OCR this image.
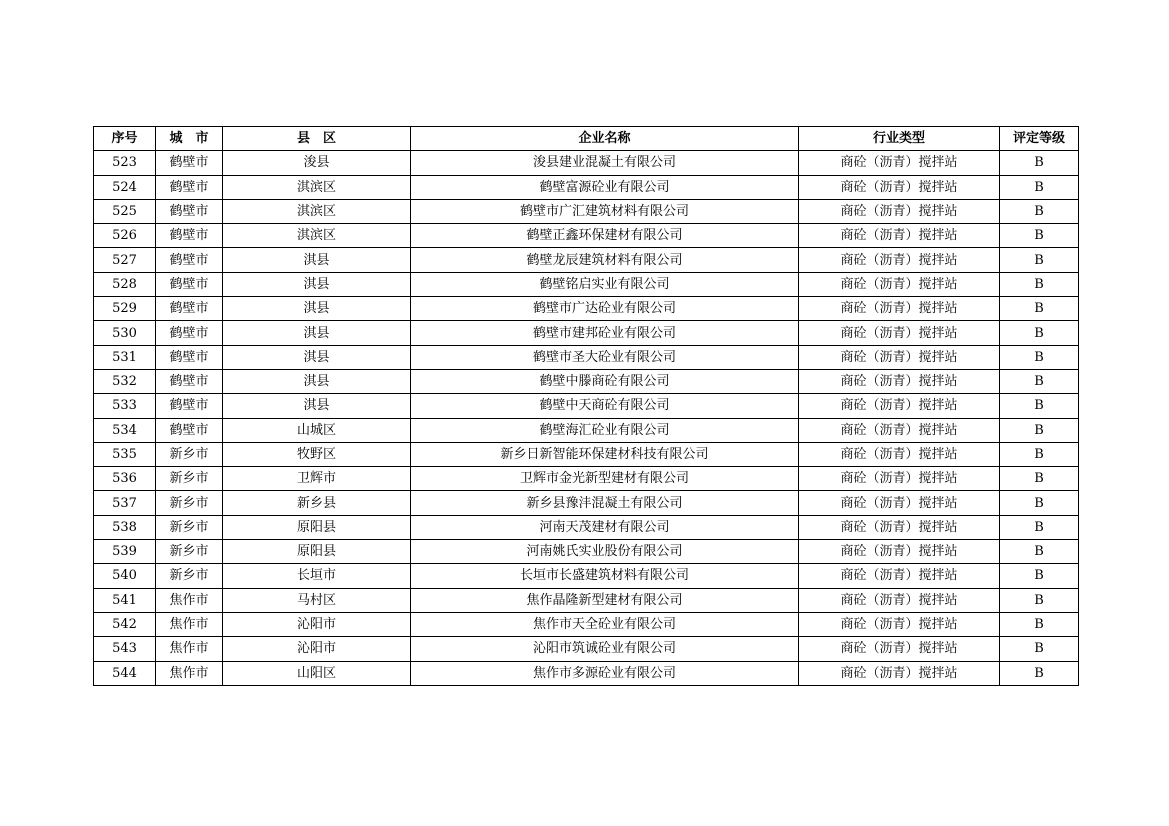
序号	城　市	县　区	企业名称	行业类型	评定等级
523	鹤壁市	浚县	浚县建业混凝土有限公司	商砼（沥青）搅拌站	B
524	鹤壁市	淇滨区	鹤壁富源砼业有限公司	商砼（沥青）搅拌站	B
525	鹤壁市	淇滨区	鹤壁市广汇建筑材料有限公司	商砼（沥青）搅拌站	B
526	鹤壁市	淇滨区	鹤壁正鑫环保建材有限公司	商砼（沥青）搅拌站	B
527	鹤壁市	淇县	鹤壁龙辰建筑材料有限公司	商砼（沥青）搅拌站	B
528	鹤壁市	淇县	鹤壁铭启实业有限公司	商砼（沥青）搅拌站	B
529	鹤壁市	淇县	鹤壁市广达砼业有限公司	商砼（沥青）搅拌站	B
530	鹤壁市	淇县	鹤壁市建邦砼业有限公司	商砼（沥青）搅拌站	B
531	鹤壁市	淇县	鹤壁市圣大砼业有限公司	商砼（沥青）搅拌站	B
532	鹤壁市	淇县	鹤壁中滕商砼有限公司	商砼（沥青）搅拌站	B
533	鹤壁市	淇县	鹤壁中天商砼有限公司	商砼（沥青）搅拌站	B
534	鹤壁市	山城区	鹤壁海汇砼业有限公司	商砼（沥青）搅拌站	B
535	新乡市	牧野区	新乡日新智能环保建材科技有限公司	商砼（沥青）搅拌站	B
536	新乡市	卫辉市	卫辉市金光新型建材有限公司	商砼（沥青）搅拌站	B
537	新乡市	新乡县	新乡县豫沣混凝土有限公司	商砼（沥青）搅拌站	B
538	新乡市	原阳县	河南天茂建材有限公司	商砼（沥青）搅拌站	B
539	新乡市	原阳县	河南姚氏实业股份有限公司	商砼（沥青）搅拌站	B
540	新乡市	长垣市	长垣市长盛建筑材料有限公司	商砼（沥青）搅拌站	B
541	焦作市	马村区	焦作晶隆新型建材有限公司	商砼（沥青）搅拌站	B
542	焦作市	沁阳市	焦作市天全砼业有限公司	商砼（沥青）搅拌站	B
543	焦作市	沁阳市	沁阳市筑诚砼业有限公司	商砼（沥青）搅拌站	B
544	焦作市	山阳区	焦作市多源砼业有限公司	商砼（沥青）搅拌站	B
